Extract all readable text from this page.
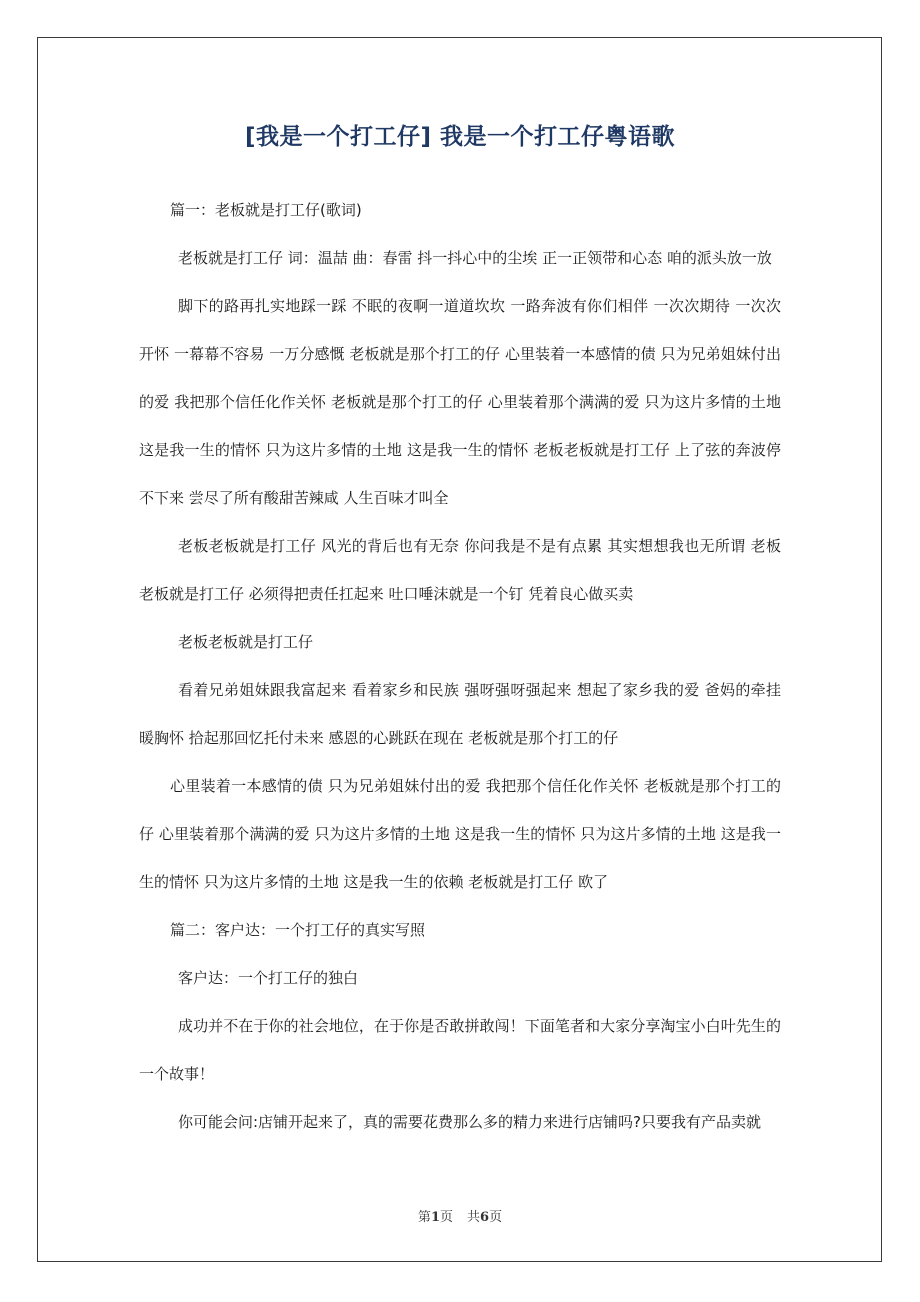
[我是一个打工仔] 我是一个打工仔粤语歌

篇一：老板就是打工仔(歌词)

老板就是打工仔 词：温喆 曲：春雷 抖一抖心中的尘埃 正一正领带和心态 咱的派头放一放

脚下的路再扎实地踩一踩 不眠的夜啊一道道坎坎 一路奔波有你们相伴 一次次期待 一次次开怀 一幕幕不容易 一万分感慨 老板就是那个打工的仔 心里装着一本感情的债 只为兄弟姐妹付出的爱 我把那个信任化作关怀 老板就是那个打工的仔 心里装着那个满满的爱 只为这片多情的土地 这是我一生的情怀 只为这片多情的土地 这是我一生的情怀 老板老板就是打工仔 上了弦的奔波停不下来 尝尽了所有酸甜苦辣咸 人生百味才叫全

老板老板就是打工仔 风光的背后也有无奈 你问我是不是有点累 其实想想我也无所谓 老板老板就是打工仔 必须得把责任扛起来 吐口唾沫就是一个钉 凭着良心做买卖

老板老板就是打工仔

看着兄弟姐妹跟我富起来 看着家乡和民族 强呀强呀强起来 想起了家乡我的爱 爸妈的牵挂暖胸怀 拾起那回忆托付未来 感恩的心跳跃在现在 老板就是那个打工的仔

心里装着一本感情的债 只为兄弟姐妹付出的爱 我把那个信任化作关怀 老板就是那个打工的仔 心里装着那个满满的爱 只为这片多情的土地 这是我一生的情怀 只为这片多情的土地 这是我一生的情怀 只为这片多情的土地 这是我一生的依赖 老板就是打工仔 欧了

篇二：客户达：一个打工仔的真实写照

客户达：一个打工仔的独白

成功并不在于你的社会地位，在于你是否敢拼敢闯！下面笔者和大家分享淘宝小白叶先生的一个故事！

你可能会问:店铺开起来了，真的需要花费那么多的精力来进行店铺吗?只要我有产品卖就

第1页 共6页
